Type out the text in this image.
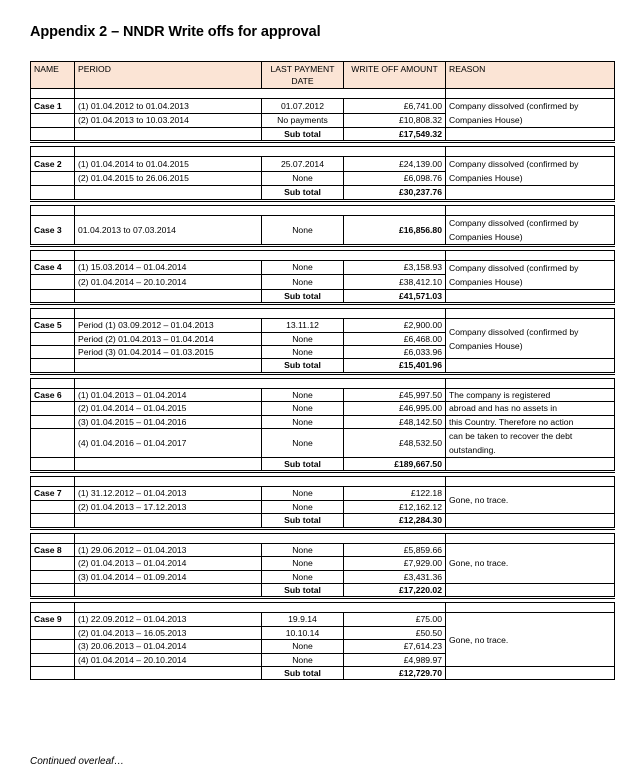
Appendix 2 – NNDR Write offs for approval
NAME	PERIOD	LAST PAYMENT DATE	WRITE OFF AMOUNT	REASON

Case 1	(1) 01.04.2012 to 01.04.2013	01.07.2012	£6,741.00	Company dissolved (confirmed by Companies House)
	(2) 01.04.2013 to 10.03.2014	No payments	£10,808.32	
		Sub total	£17,549.32	

Case 2	(1) 01.04.2014 to 01.04.2015	25.07.2014	£24,139.00	Company dissolved (confirmed by Companies House)
	(2) 01.04.2015 to 26.06.2015	None	£6,098.76	
		Sub total	£30,237.76	

Case 3	01.04.2013 to 07.03.2014	None	£16,856.80	Company dissolved (confirmed by Companies House)

Case 4	(1) 15.03.2014 – 01.04.2014	None	£3,158.93	Company dissolved (confirmed by Companies House)
	(2) 01.04.2014 – 20.10.2014	None	£38,412.10	
		Sub total	£41,571.03	

Case 5	Period (1) 03.09.2012 – 01.04.2013	13.11.12	£2,900.00	Company dissolved (confirmed by Companies House)
	Period (2) 01.04.2013 – 01.04.2014	None	£6,468.00	
	Period (3) 01.04.2014 – 01.03.2015	None	£6,033.96	
		Sub total	£15,401.96	

Case 6	(1) 01.04.2013 – 01.04.2014	None	£45,997.50	The company is registered
	(2) 01.04.2014 – 01.04.2015	None	£46,995.00	abroad and has no assets in
	(3) 01.04.2015 – 01.04.2016	None	£48,142.50	this Country. Therefore no action
	(4) 01.04.2016 – 01.04.2017	None	£48,532.50	can be taken to recover the debt outstanding.
		Sub total	£189,667.50	

Case 7	(1) 31.12.2012 – 01.04.2013	None	£122.18	Gone, no trace.
	(2) 01.04.2013 – 17.12.2013	None	£12,162.12	
		Sub total	£12,284.30	

Case 8	(1) 29.06.2012 – 01.04.2013	None	£5,859.66	Gone, no trace.
	(2) 01.04.2013 – 01.04.2014	None	£7,929.00	
	(3) 01.04.2014 – 01.09.2014	None	£3,431.36	
		Sub total	£17,220.02	

Case 9	(1) 22.09.2012 – 01.04.2013	19.9.14	£75.00	Gone, no trace.
	(2) 01.04.2013 – 16.05.2013	10.10.14	£50.50	
	(3) 20.06.2013 – 01.04.2014	None	£7,614.23	
	(4) 01.04.2014 – 20.10.2014	None	£4,989.97	
		Sub total	£12,729.70	
Continued overleaf…
